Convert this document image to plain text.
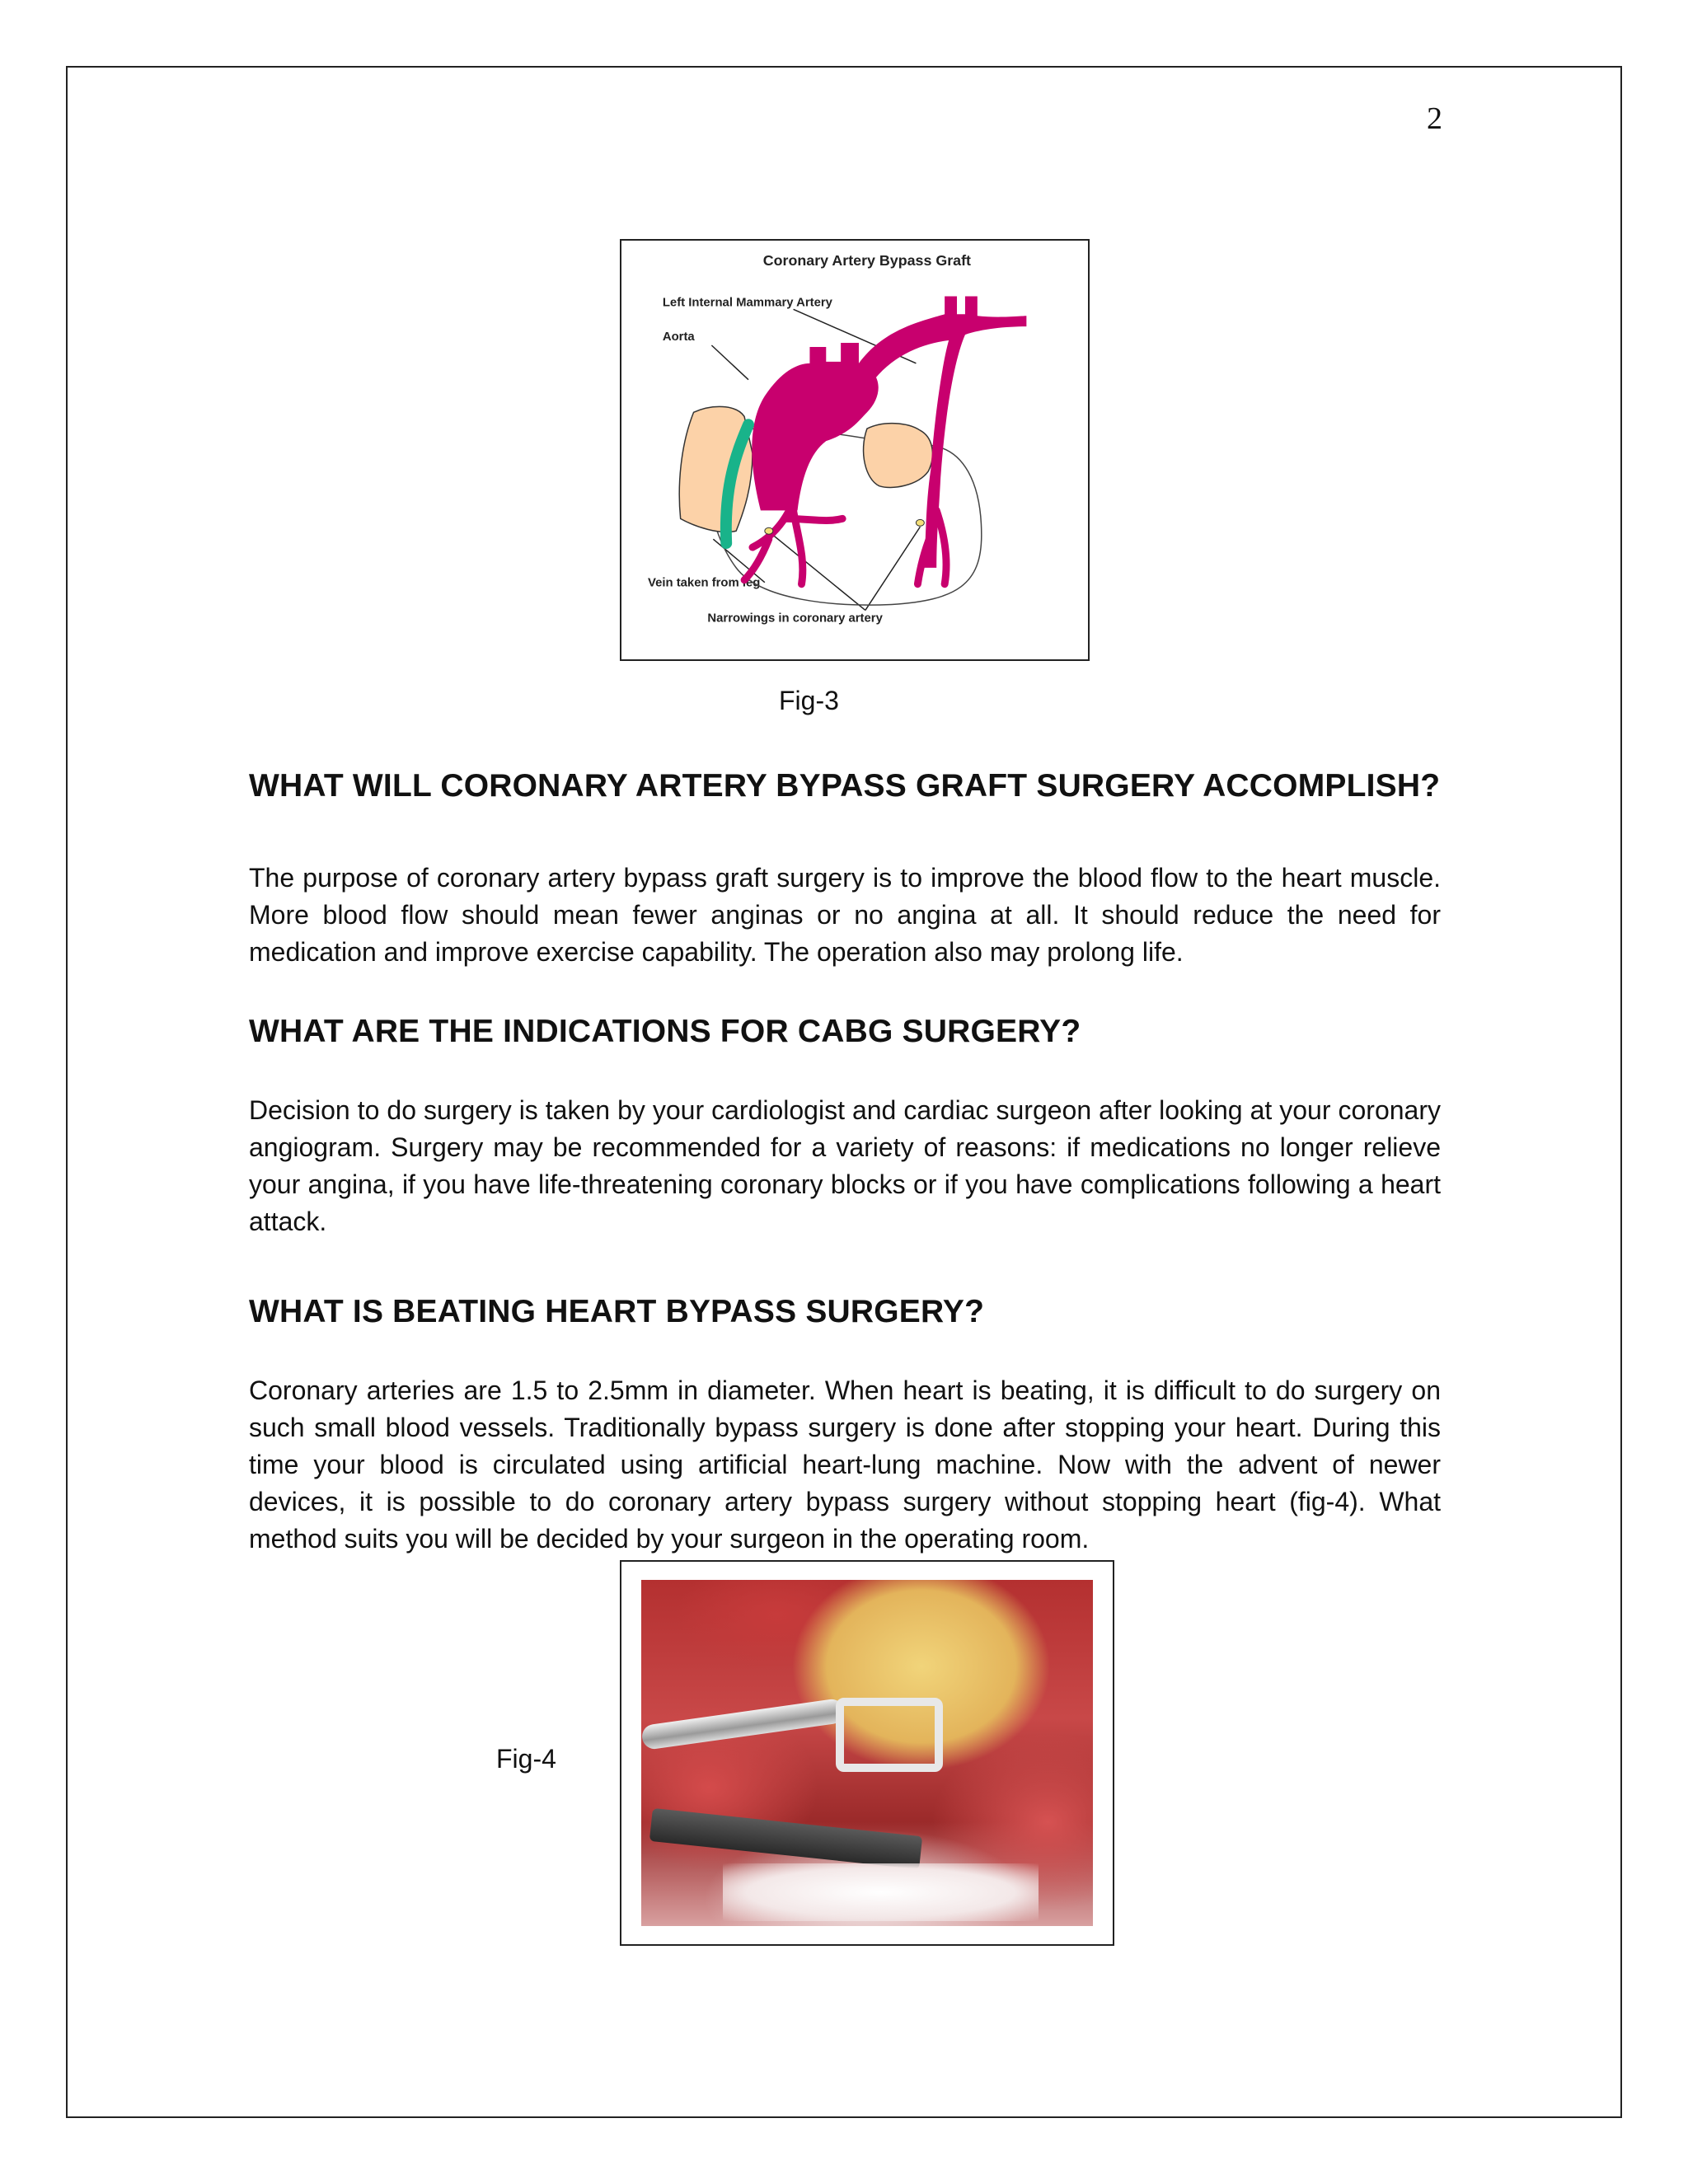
2
Coronary Artery Bypass Graft
Left Internal Mammary Artery
Aorta
Vein taken from leg
Narrowings in coronary artery
Fig-3
WHAT WILL CORONARY ARTERY BYPASS GRAFT SURGERY ACCOMPLISH?
The purpose of coronary artery bypass graft surgery is to improve the blood flow to the heart muscle. More blood flow should mean fewer anginas or no angina at all. It should reduce the need for medication and improve exercise capability. The operation also may prolong life.
WHAT ARE THE INDICATIONS FOR CABG SURGERY?
Decision to do surgery is taken by your cardiologist and cardiac surgeon after looking at your coronary angiogram. Surgery may be recommended for a variety of reasons: if medications no longer relieve your angina, if you have life-threatening coronary blocks or if you have complications following a heart attack.
WHAT IS BEATING HEART BYPASS SURGERY?
Coronary arteries are 1.5 to 2.5mm in diameter. When heart is beating, it is difficult to do surgery on such small blood vessels. Traditionally bypass surgery is done after stopping your heart. During this time your blood is circulated using artificial heart-lung machine. Now with the advent of newer devices, it is possible to do coronary artery bypass surgery without stopping heart (fig-4). What method suits you will be decided by your surgeon in the operating room.
Fig-4
